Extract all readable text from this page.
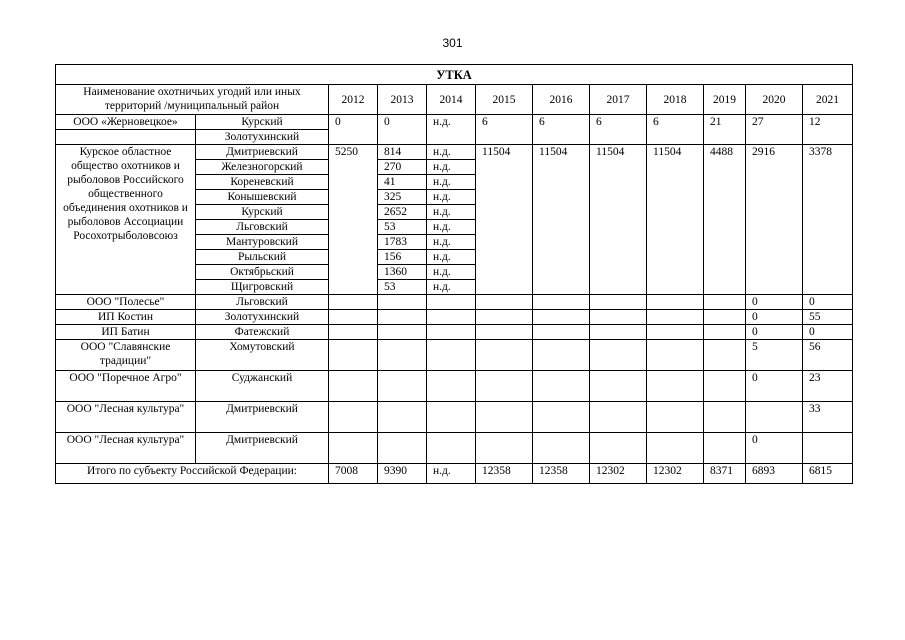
301
УТКА											
Наименование охотничьих угодий или иных территорий /муниципальный район		2012	2013	2014	2015	2016	2017	2018	2019	2020	2021
ООО «Жерновецкое»	Курский	0	0	н.д.	6	6	6	6	21	27	12
	Золотухинский										
Курское областное общество охотников и рыболовов Российского общественного объединения охотников и рыболовов Ассоциации Росохотрыболовсоюз	Дмитриевский	5250	814	н.д.	11504	11504	11504	11504	4488	2916	3378
	Железногорский		270	н.д.							
	Кореневский		41	н.д.							
	Конышевский		325	н.д.							
	Курский		2652	н.д.							
	Льговский		53	н.д.							
	Мантуровский		1783	н.д.							
	Рыльский		156	н.д.							
	Октябрьский		1360	н.д.							
	Щигровский		53	н.д.							
ООО "Полесье"	Льговский									0	0
ИП Костин	Золотухинский									0	55
ИП Батин	Фатежский									0	0
ООО "Славянские традиции"	Хомутовский									5	56
ООО "Поречное Агро"	Суджанский									0	23
ООО "Лесная культура"	Дмитриевский										33
ООО "Лесная культура"	Дмитриевский									0	
Итого по субъекту Российской Федерации:		7008	9390	н.д.	12358	12358	12302	12302	8371	6893	6815
